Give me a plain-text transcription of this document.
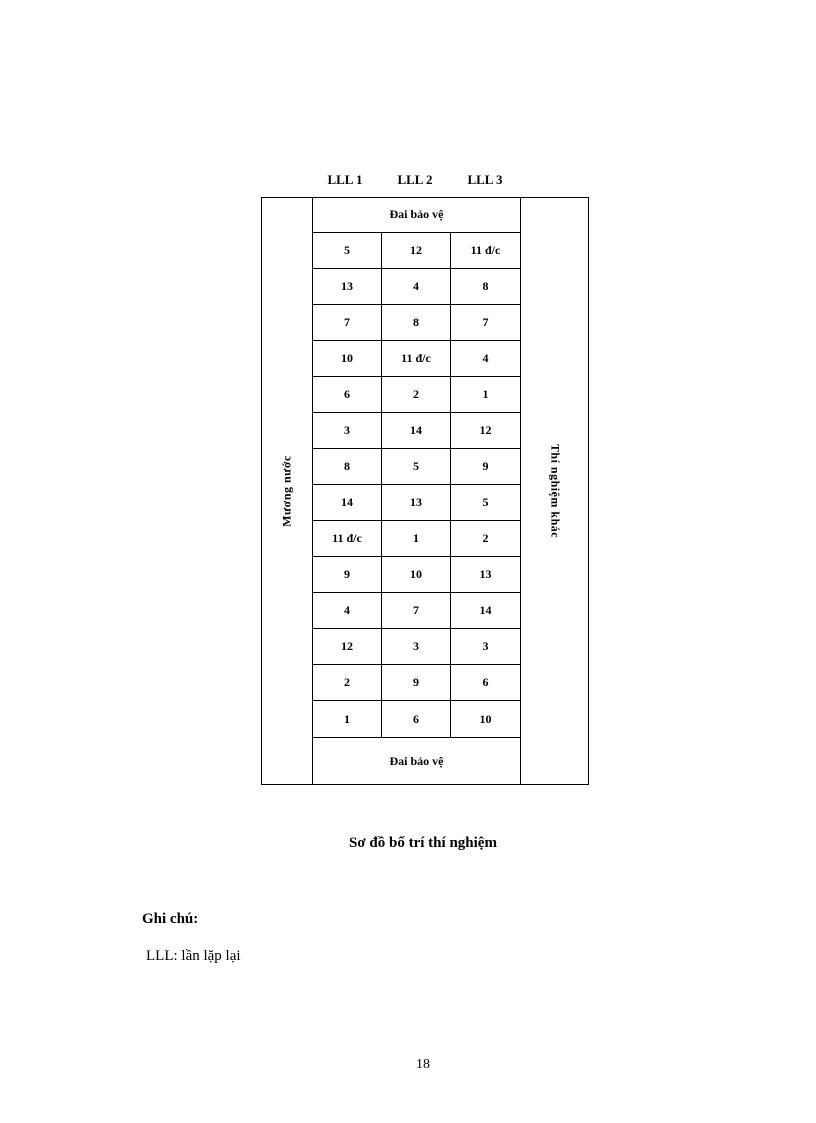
LLL 1	LLL 2	LLL 3
Mương nước
Đai bảo vệ
5	12	11 đ/c
13	4	8
7	8	7
10	11 đ/c	4
6	2	1
3	14	12
8	5	9
14	13	5
11 đ/c	1	2
9	10	13
4	7	14
12	3	3
2	9	6
1	6	10
Đai bảo vệ
Thí nghiệm khác
Sơ đồ bố trí thí nghiệm
Ghi chú:
LLL: lần lặp lại
18
